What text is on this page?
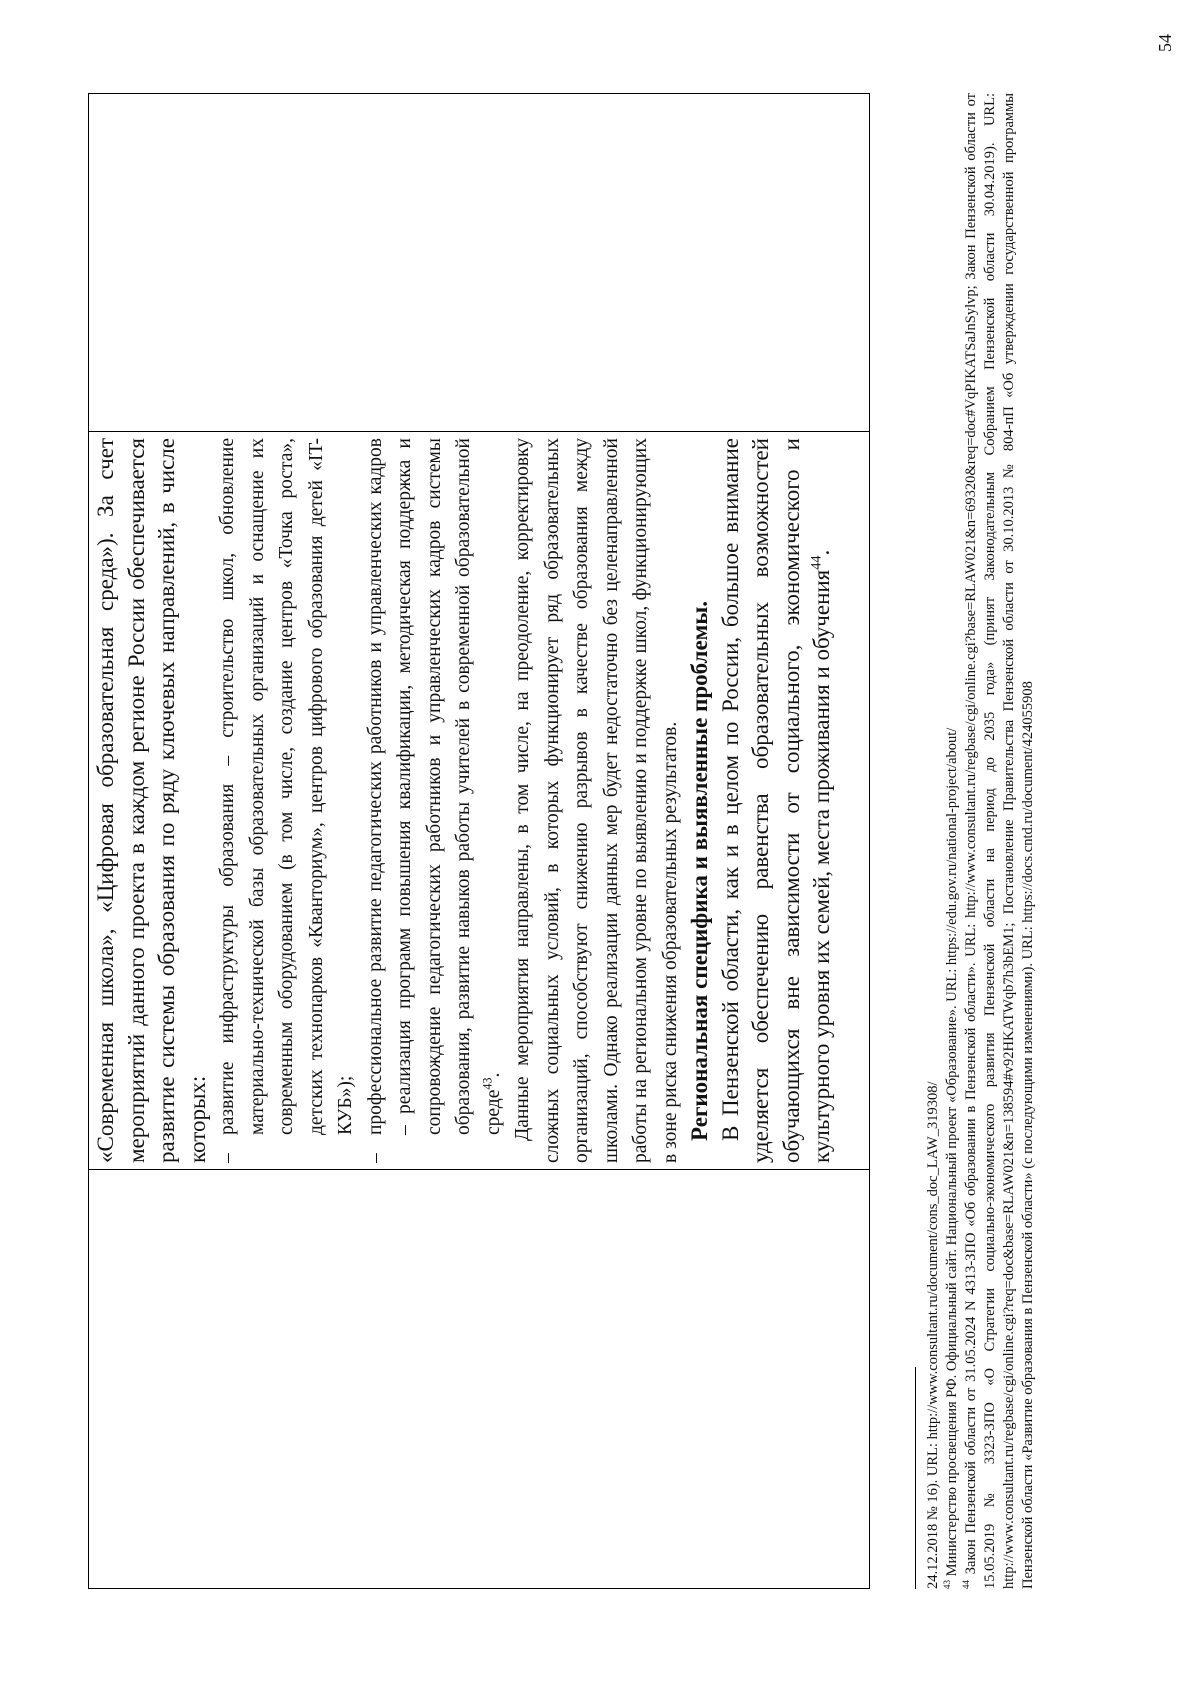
«Современная школа», «Цифровая образовательная среда»). За счет мероприятий данного проекта в каждом регионе России обеспечивается развитие системы образования по ряду ключевых направлений, в числе которых: –

развитие инфраструктуры образования – строительство школ, обновление материально-технической базы образовательных организаций и оснащение их современным оборудованием (в том числе, создание центров «Точка роста», детских технопарков «Кванториум», центров цифрового образования детей «IT-КУБ»);

–

профессиональное развитие педагогических работников и управленческих кадров – реализация программ повышения квалификации, методическая поддержка и сопровождение педагогических работников и управленческих кадров системы образования, развитие навыков работы учителей в современной образовательной среде$^{43}$. Данные мероприятия направлены, в том числе, на преодоление, корректировку сложных социальных условий, в которых функционирует ряд образовательных организаций, способствуют снижению разрывов в качестве образования между школами. Однако реализации данных мер будет недостаточно без целенаправленной работы на региональном уровне по выявлению и поддержке школ, функционирующих в зоне риска снижения образовательных результатов. Региональная специфика и выявленные проблемы. В Пензенской области, как и в целом по России, большое внимание уделяется обеспечению равенства образовательных возможностей обучающихся вне зависимости от социального, экономического и культурного уровня их семей, места проживания и обучения$^{44}$.

24.12.2018 № 16). URL: http://www.consultant.ru/document/cons_doc_LAW_319308/ $^{43}$ Министерство просвещения РФ. Официальный сайт. Национальный проект «Образование». URL: https://edu.gov.ru/national-project/about/

$^{44}$ Закон Пензенской области от 31.05.2024 N 4313-ЗПО «Об образовании в Пензенской области». URL: http://www.consultant.ru/regbase/cgi/online.cgi?base=RLAW021&n=69320&req=doc#VqPIKATSaJnSylvp; Закон Пензенской области от 15.05.2019 № 3323-ЗПО «О Стратегии социально-экономического развития Пензенской области на период до 2035 года» (принят Законодательным Собранием Пензенской области 30.04.2019). URL: http://www.consultant.ru/regbase/cgi/online.cgi?req=doc&base=RLAW021&n=138594#v92HKATWqb7h3bEM1; Постановление Правительства Пензенской области от 30.10.2013 № 804-пП «Об утверждении государственной программы Пензенской области «Развитие образования в Пензенской области» (с последующими изменениями). URL: https://docs.cntd.ru/document/424055908

54
